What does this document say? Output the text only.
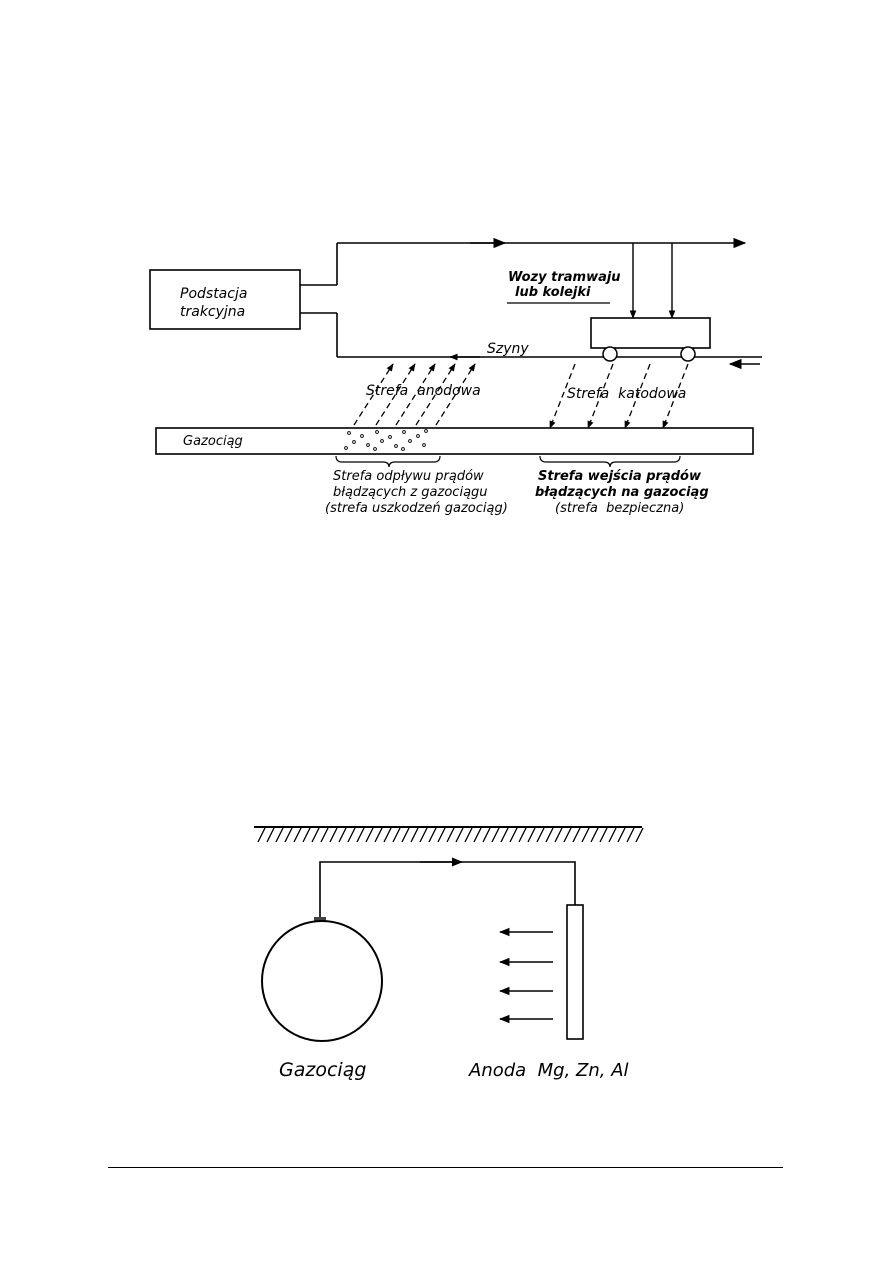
Podstacja
trakcyjna
Szyny
Wozy tramwaju
lub kolejki
Strefa  anodowa	Strefa  katodowa
Gazociąg
Strefa odpływu prądów
błądzących z gazociągu
(strefa uszkodzeń gazociąg)
Strefa wejścia prądów
błądzących na gazociąg
(strefa  bezpieczna)
Gazociąg	Anoda  Mg, Zn, Al
